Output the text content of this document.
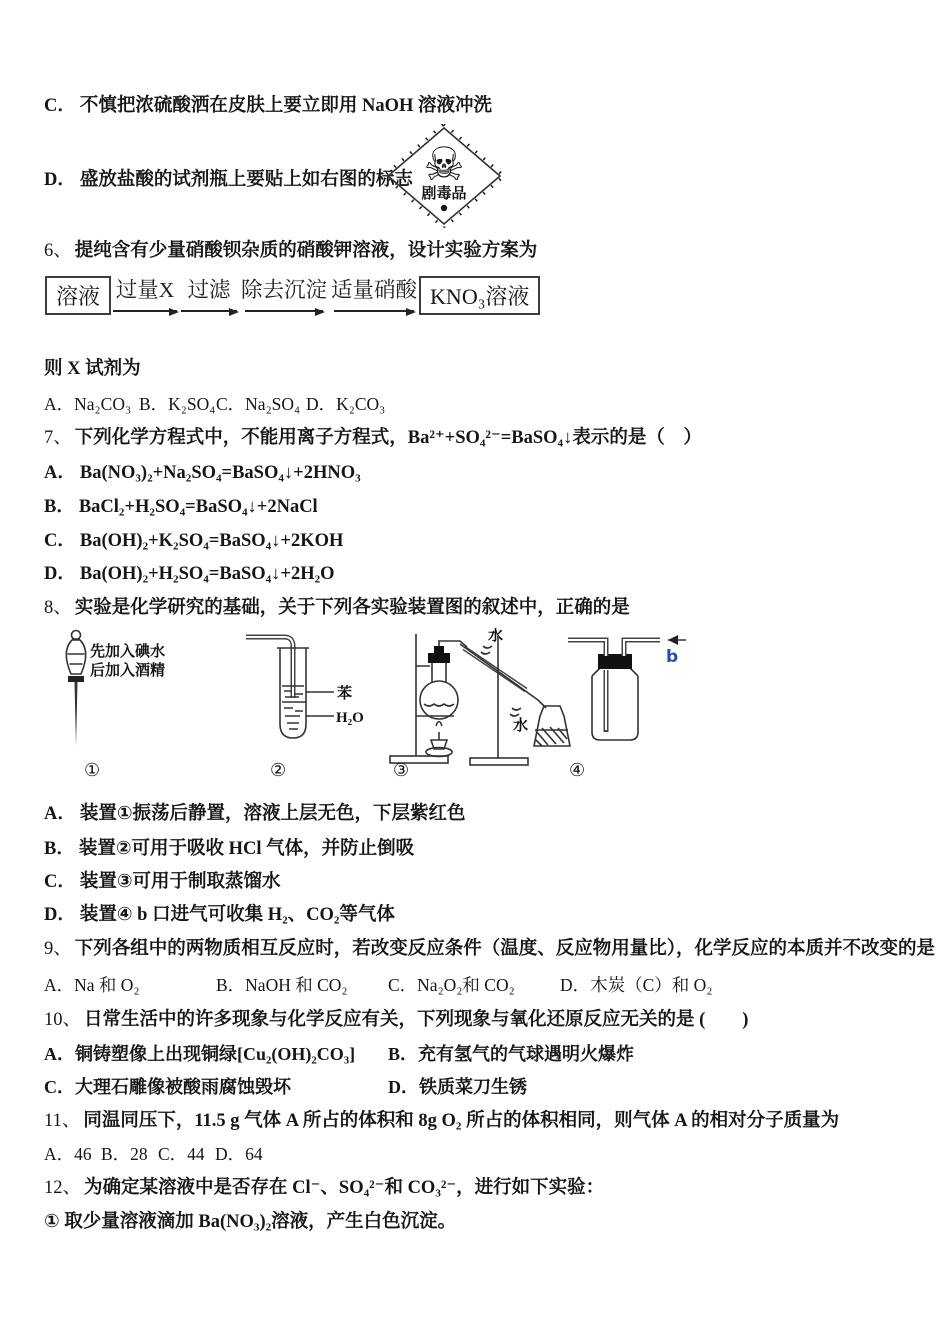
C． 不慎把浓硫酸洒在皮肤上要立即用 NaOH 溶液冲洗
D． 盛放盐酸的试剂瓶上要贴上如右图的标志 ☠
剧毒品
6、 提纯含有少量硝酸钡杂质的硝酸钾溶液，设计实验方案为
溶液 过量X 过滤 除去沉淀 适量硝酸 KNO₃溶液
则 X 试剂为
A．Na₂CO₃ B．K₂SO₄ C．Na₂SO₄ D．K₂CO₃
7、 下列化学方程式中，不能用离子方程式，Ba²⁺+SO₄²⁻=BaSO₄↓表示的是（　）
A． Ba(NO₃)₂+Na₂SO₄=BaSO₄↓+2HNO₃
B． BaCl₂+H₂SO₄=BaSO₄↓+2NaCl
C． Ba(OH)₂+K₂SO₄=BaSO₄↓+2KOH
D． Ba(OH)₂+H₂SO₄=BaSO₄↓+2H₂O
8、 实验是化学研究的基础，关于下列各实验装置图的叙述中，正确的是
先加入碘水
后加入酒精
苯
H₂O
水
水
b
①	②	③	④
A． 装置①振荡后静置，溶液上层无色，下层紫红色
B． 装置②可用于吸收 HCl 气体，并防止倒吸
C． 装置③可用于制取蒸馏水
D． 装置④ b 口进气可收集 H₂、CO₂等气体
9、 下列各组中的两物质相互反应时，若改变反应条件（温度、反应物用量比），化学反应的本质并不改变的是
A．Na 和 O₂	B．NaOH 和 CO₂ C．Na₂O₂和 CO₂	D．木炭（C）和 O₂
10、 日常生活中的许多现象与化学反应有关，下列现象与氧化还原反应无关的是 (　　)
A．铜铸塑像上出现铜绿[Cu₂(OH)₂CO₃] B．充有氢气的气球遇明火爆炸
C．大理石雕像被酸雨腐蚀毁坏	D．铁质菜刀生锈
11、 同温同压下，11.5 g 气体 A 所占的体积和 8g O₂ 所占的体积相同，则气体 A 的相对分子质量为
A．46 B．28 C．44 D．64
12、 为确定某溶液中是否存在 Cl⁻、SO₄²⁻和 CO₃²⁻，进行如下实验：
① 取少量溶液滴加 Ba(NO₃)₂溶液，产生白色沉淀。
